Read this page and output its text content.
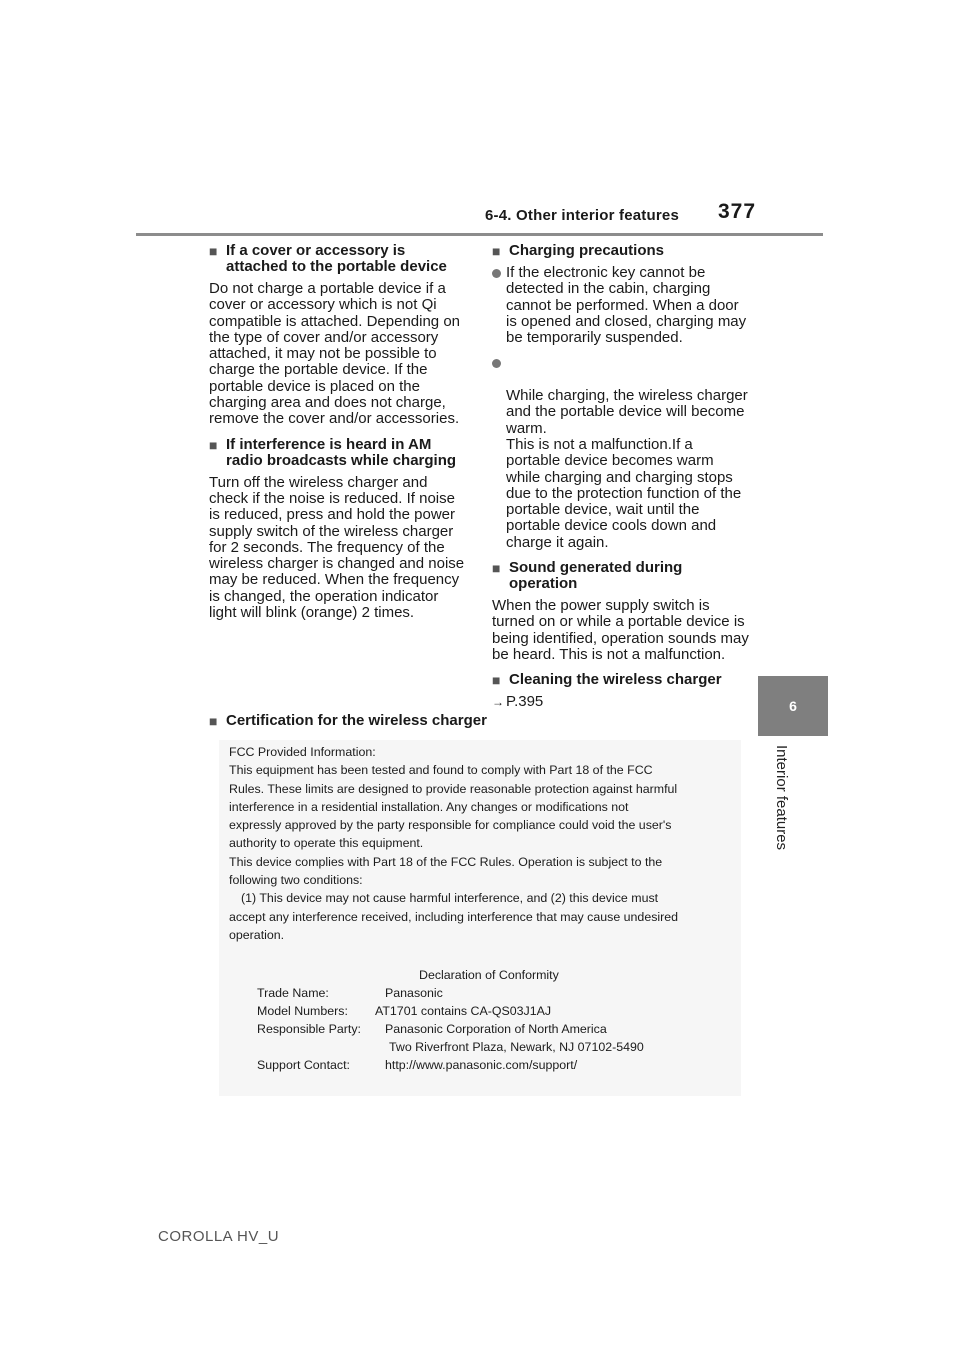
6-4. Other interior features 377
6
Interior features
■ If a cover or accessory is attached to the portable device

Do not charge a portable device if a cover or accessory which is not Qi compatible is attached. Depending on the type of cover and/or accessory attached, it may not be possible to charge the portable device. If the portable device is placed on the charging area and does not charge, remove the cover and/or accessories.

■ If interference is heard in AM radio broadcasts while charging

Turn off the wireless charger and check if the noise is reduced. If noise is reduced, press and hold the power supply switch of the wireless charger for 2 seconds. The frequency of the wireless charger is changed and noise may be reduced. When the frequency is changed, the operation indicator light will blink (orange) 2 times.

■ Charging precautions
If the electronic key cannot be detected in the cabin, charging cannot be performed. When a door is opened and closed, charging may be temporarily suspended.

While charging, the wireless charger and the portable device will become warm.
This is not a malfunction.If a portable device becomes warm while charging and charging stops due to the protection function of the portable device, wait until the portable device cools down and charge it again.

■ Sound generated during operation

When the power supply switch is turned on or while a portable device is being identified, operation sounds may be heard. This is not a malfunction.

■ Cleaning the wireless charger

→ P.395

■ Certification for the wireless charger
FCC Provided Information:
This equipment has been tested and found to comply with Part 18 of the FCC
Rules. These limits are designed to provide reasonable protection against harmful
interference in a residential installation. Any changes or modifications not
expressly approved by the party responsible for compliance could void the user's
authority to operate this equipment.
This device complies with Part 18 of the FCC Rules. Operation is subject to the
following two conditions:
(1) This device may not cause harmful interference, and (2) this device must
accept any interference received, including interference that may cause undesired
operation.
Declaration of Conformity
Trade Name:	Panasonic
Model Numbers: AT1701 contains CA-QS03J1AJ
Responsible Party: Panasonic Corporation of North America
Two Riverfront Plaza, Newark, NJ 07102-5490
Support Contact:	http://www.panasonic.com/support/
COROLLA HV_U
